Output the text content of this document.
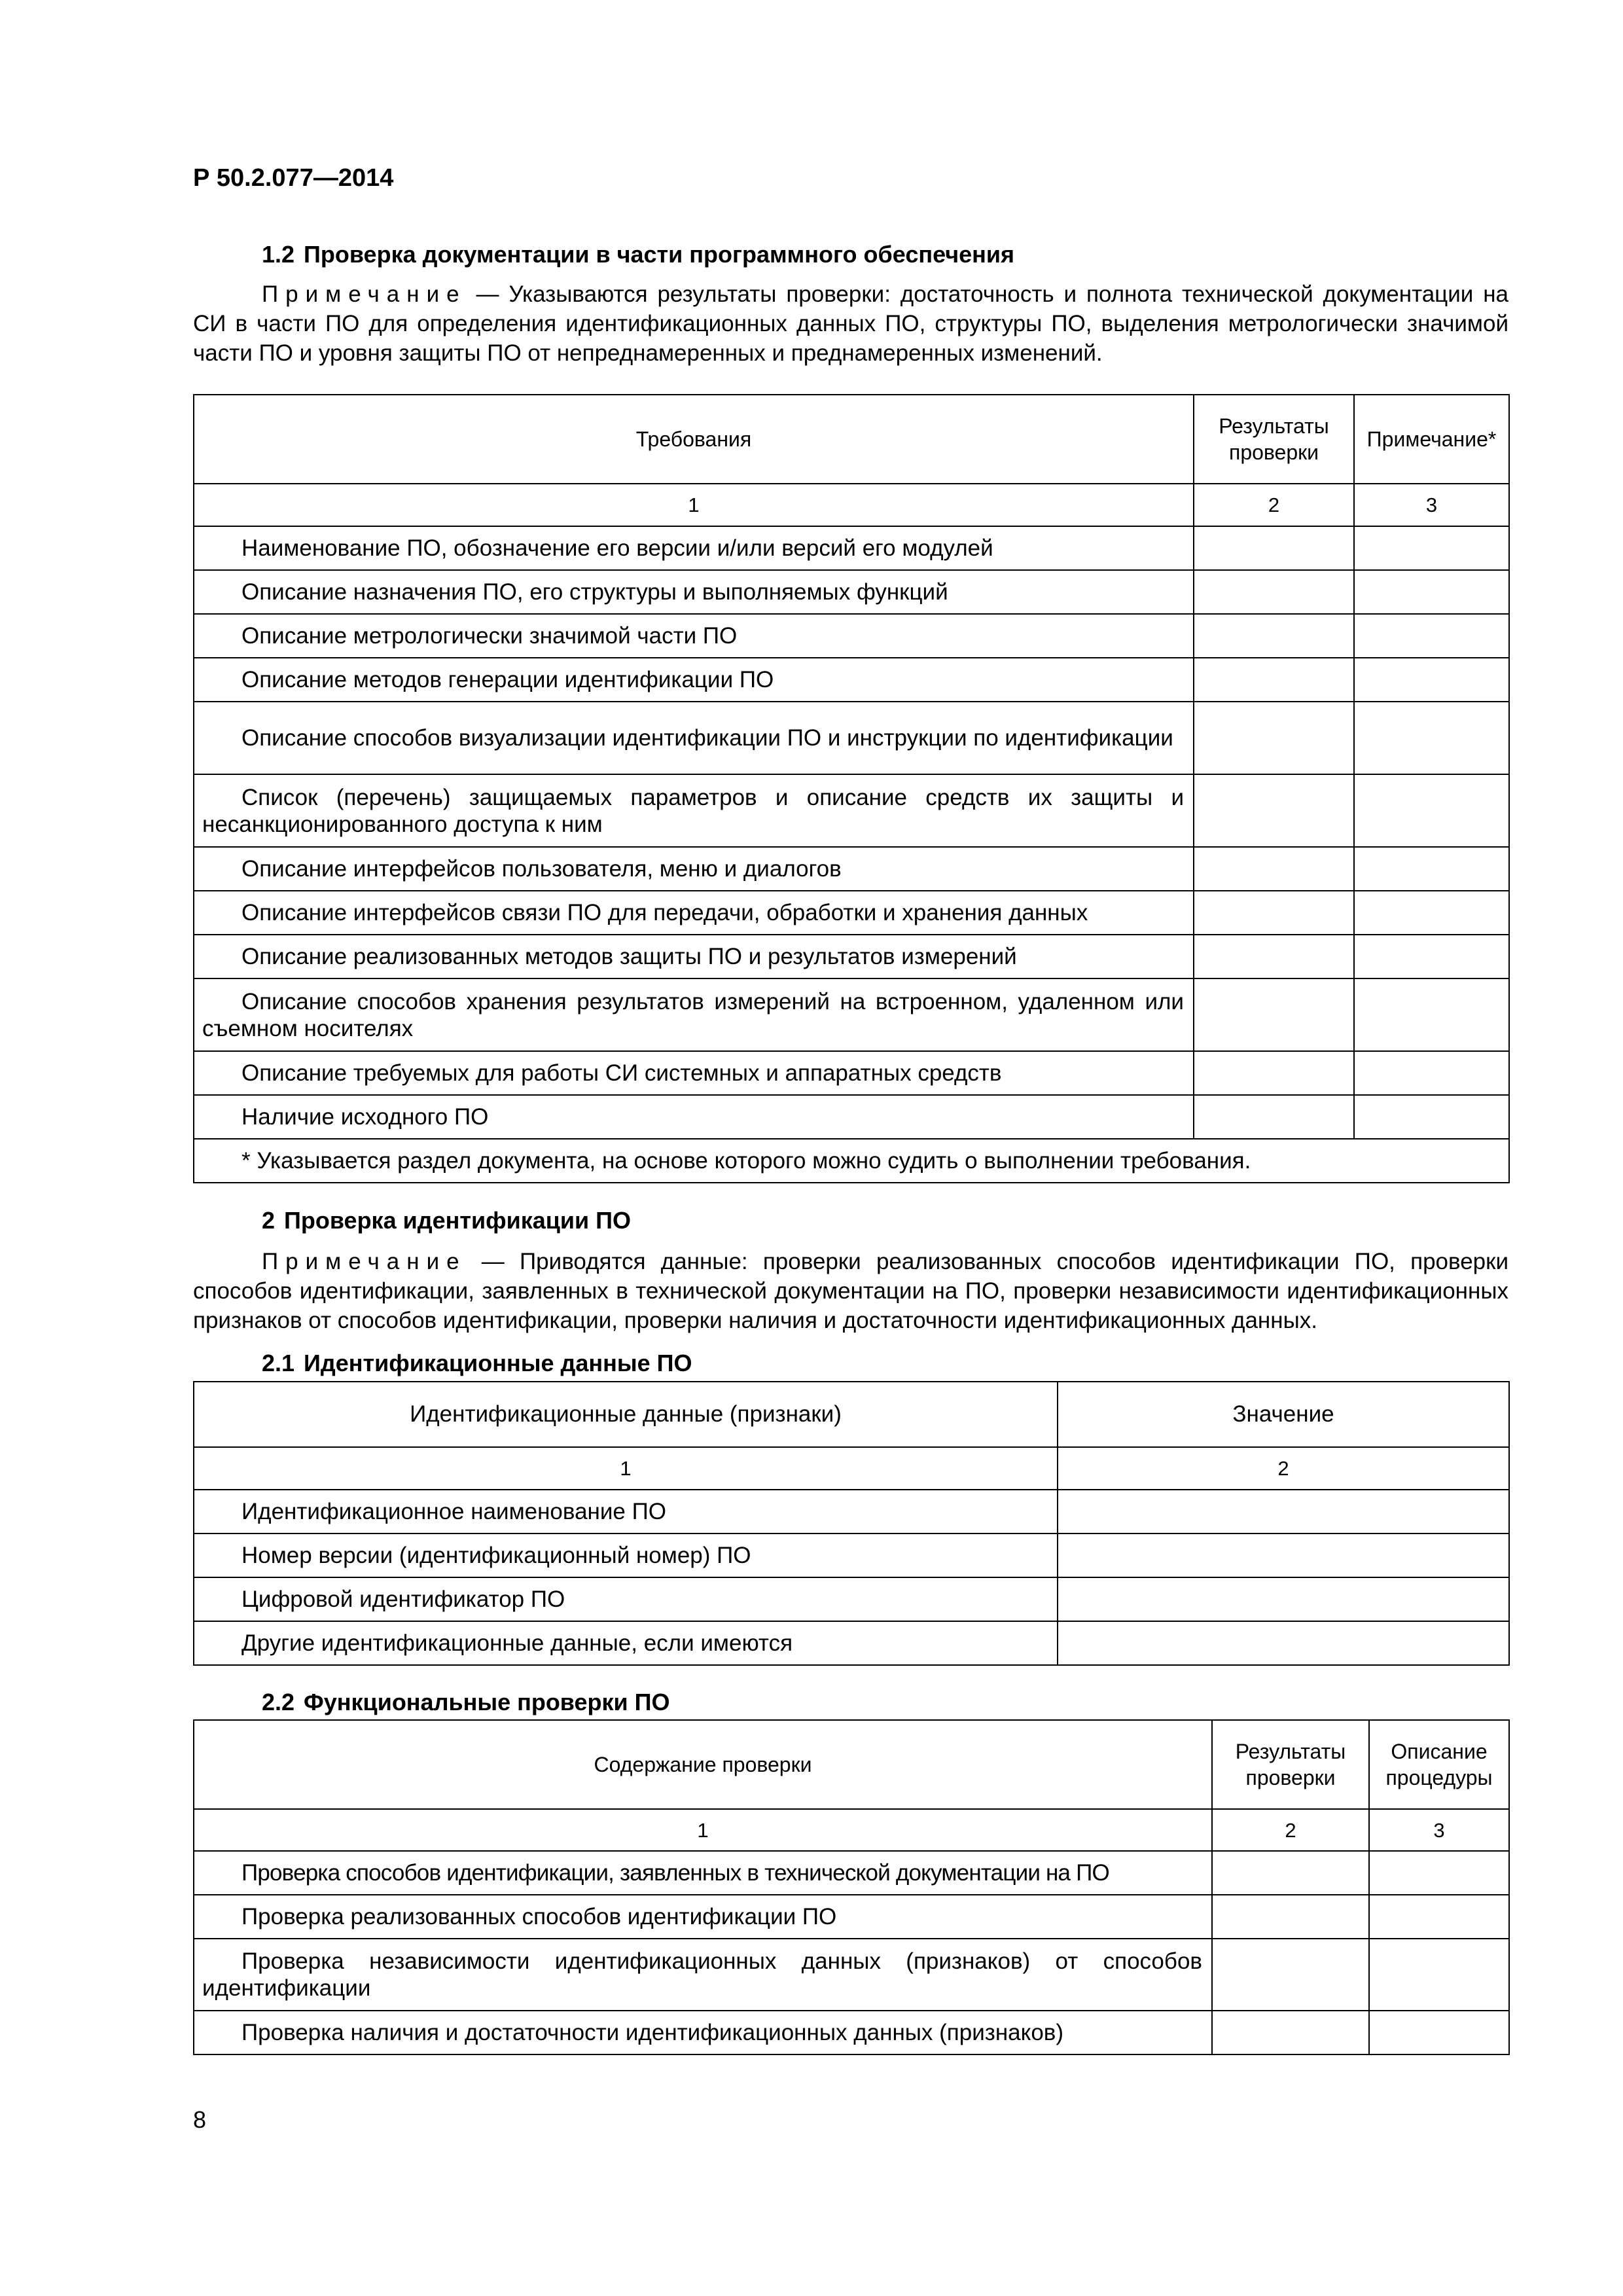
Р 50.2.077—2014
1.2 Проверка документации в части программного обеспечения
Примечание — Указываются результаты проверки: достаточность и полнота технической документации на СИ в части ПО для определения идентификационных данных ПО, структуры ПО, выделения метрологически значимой части ПО и уровня защиты ПО от непреднамеренных и преднамеренных изменений.
Требования	Результаты проверки	Примечание*
1	2	3
Наименование ПО, обозначение его версии и/или версий его модулей		
Описание назначения ПО, его структуры и выполняемых функций		
Описание метрологически значимой части ПО		
Описание методов генерации идентификации ПО		
Описание способов визуализации идентификации ПО и инструкции по идентификации		
Список (перечень) защищаемых параметров и описание средств их защиты и несанкционированного доступа к ним		
Описание интерфейсов пользователя, меню и диалогов		
Описание интерфейсов связи ПО для передачи, обработки и хранения данных		
Описание реализованных методов защиты ПО и результатов измерений		
Описание способов хранения результатов измерений на встроенном, удаленном или съемном носителях		
Описание требуемых для работы СИ системных и аппаратных средств		
Наличие исходного ПО		
* Указывается раздел документа, на основе которого можно судить о выполнении требования.		
2 Проверка идентификации ПО
Примечание — Приводятся данные: проверки реализованных способов идентификации ПО, проверки способов идентификации, заявленных в технической документации на ПО, проверки независимости идентификационных признаков от способов идентификации, проверки наличия и достаточности идентификационных данных.
2.1 Идентификационные данные ПО
Идентификационные данные (признаки)	Значение
1	2
Идентификационное наименование ПО	
Номер версии (идентификационный номер) ПО	
Цифровой идентификатор ПО	
Другие идентификационные данные, если имеются	
2.2 Функциональные проверки ПО
Содержание проверки	Результаты проверки	Описание процедуры
1	2	3
Проверка способов идентификации, заявленных в технической документации на ПО		
Проверка реализованных способов идентификации ПО		
Проверка независимости идентификационных данных (признаков) от способов идентификации		
Проверка наличия и достаточности идентификационных данных (признаков)		
8
